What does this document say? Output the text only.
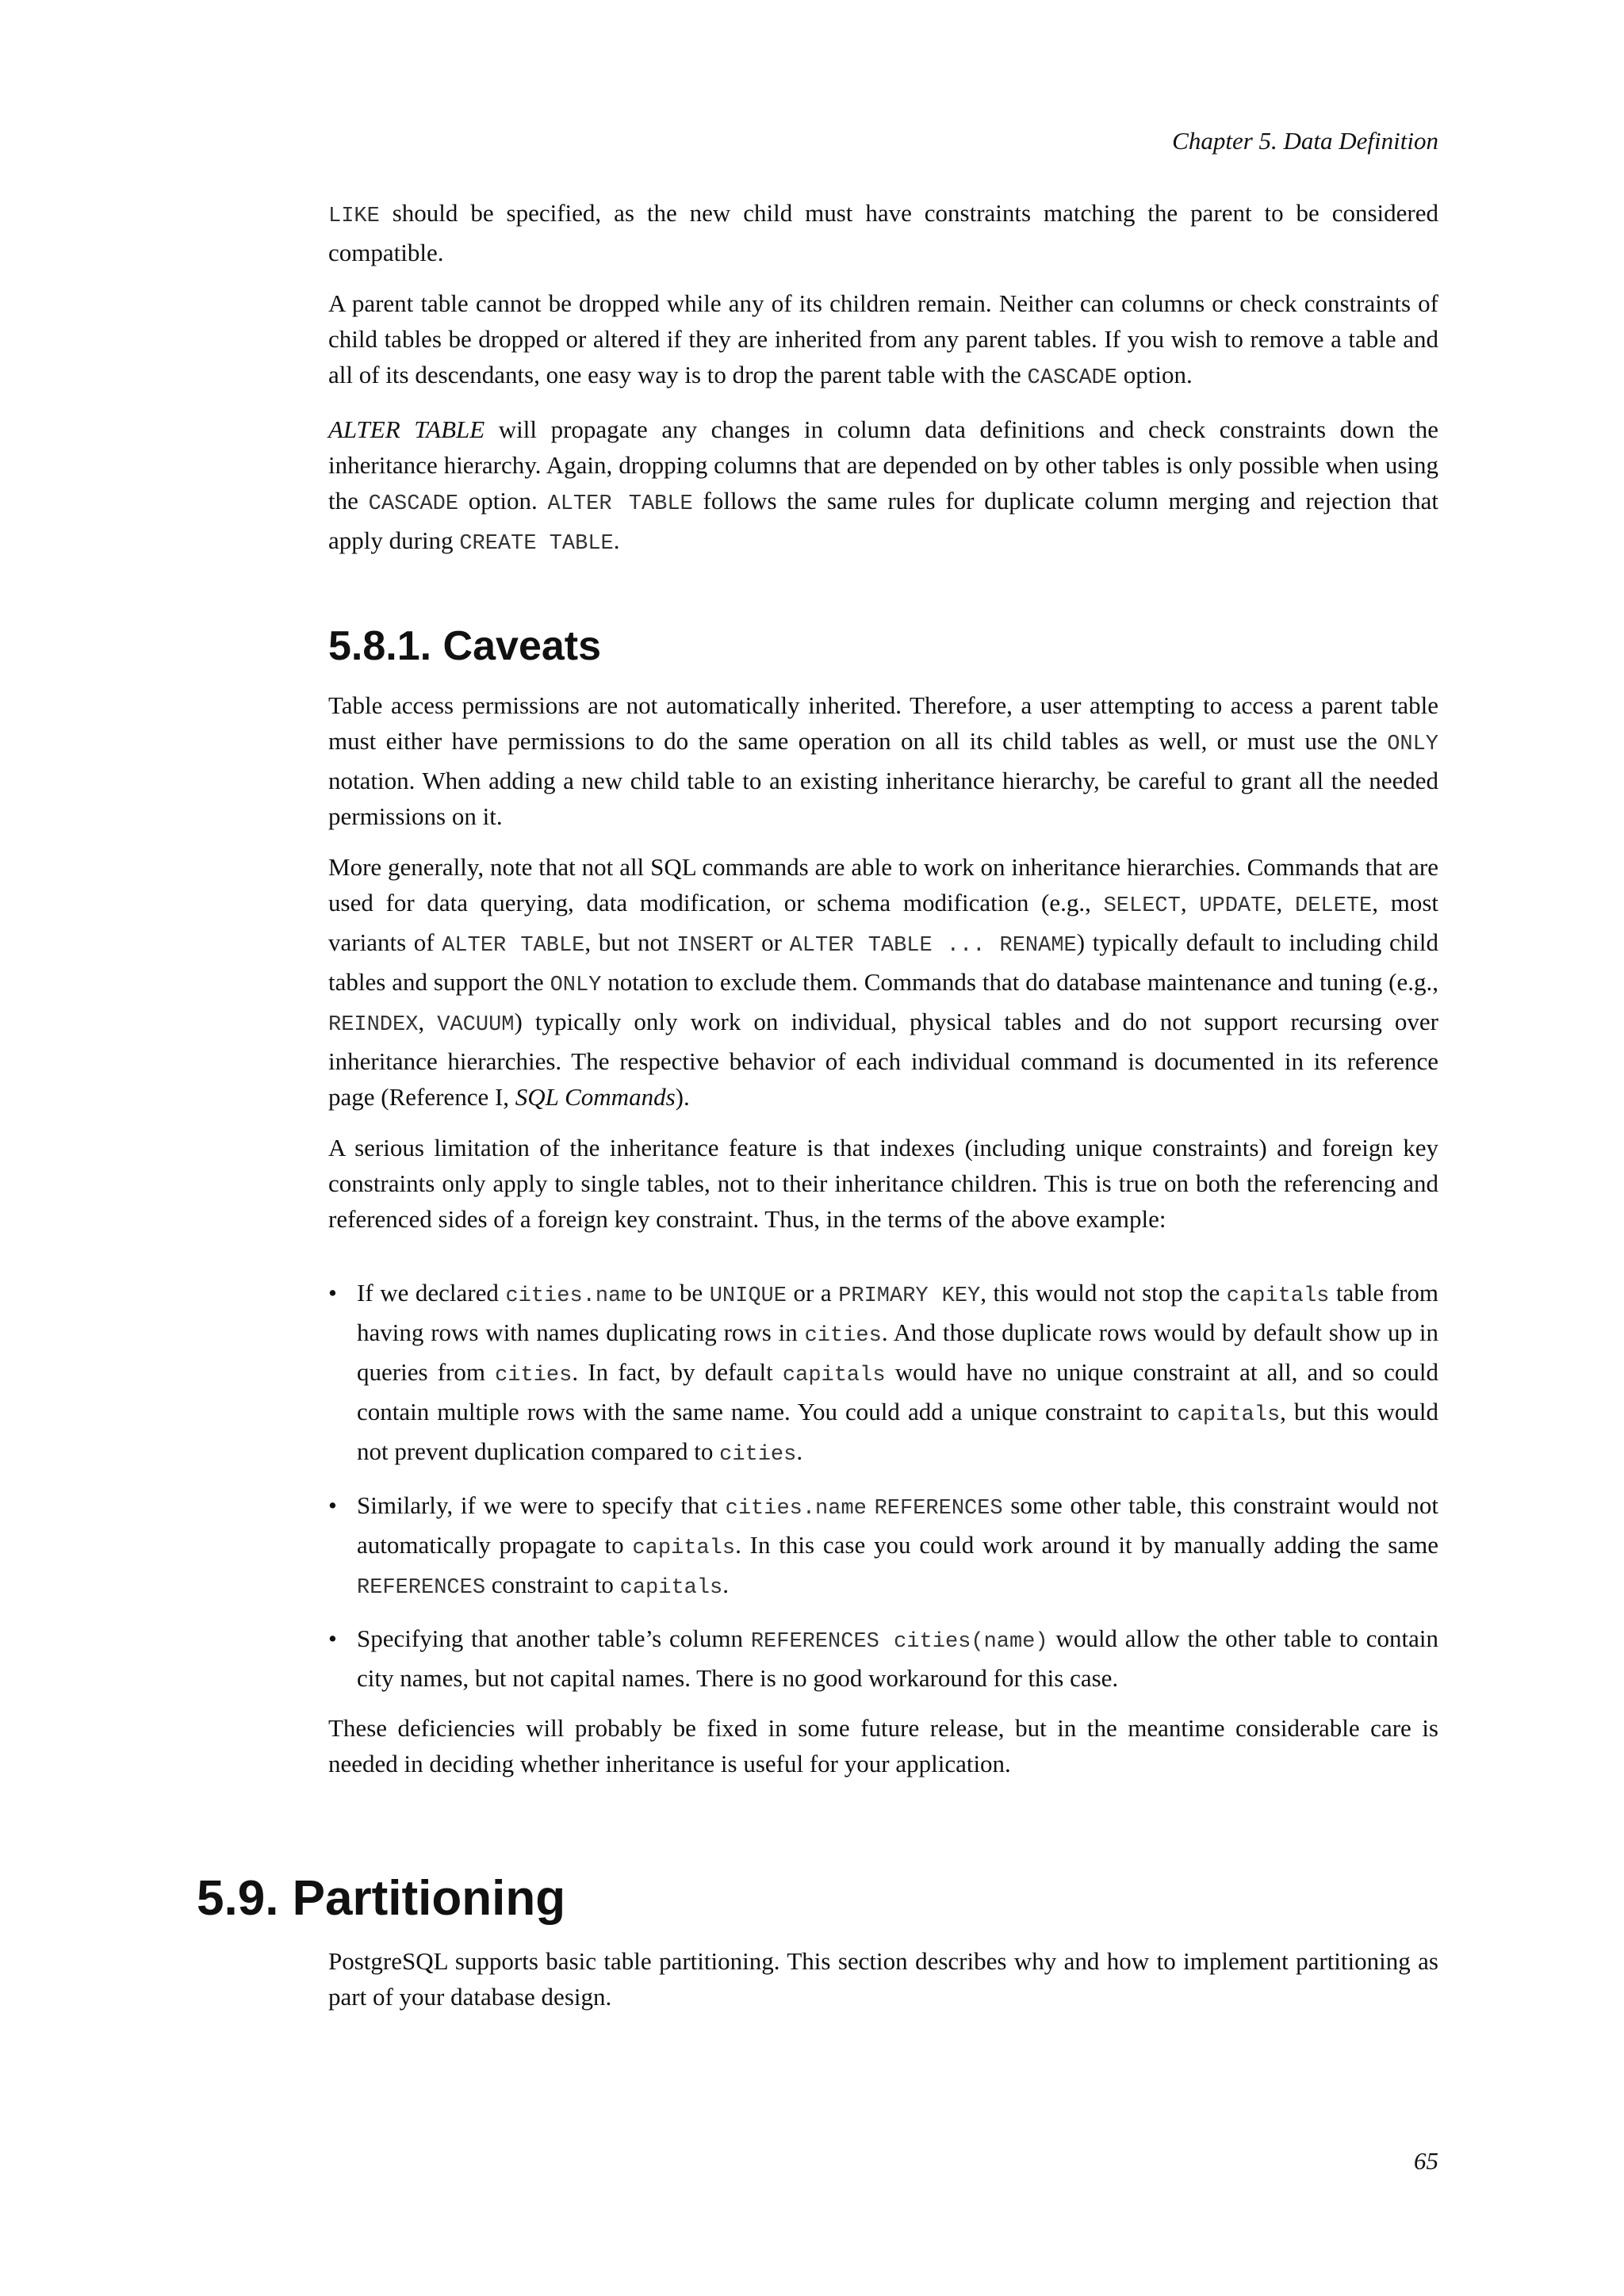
Chapter 5. Data Definition

LIKE should be specified, as the new child must have constraints matching the parent to be considered compatible.

A parent table cannot be dropped while any of its children remain. Neither can columns or check constraints of child tables be dropped or altered if they are inherited from any parent tables. If you wish to remove a table and all of its descendants, one easy way is to drop the parent table with the CASCADE option.

ALTER TABLE will propagate any changes in column data definitions and check constraints down the inheritance hierarchy. Again, dropping columns that are depended on by other tables is only possible when using the CASCADE option. ALTER TABLE follows the same rules for duplicate column merging and rejection that apply during CREATE TABLE.

5.8.1. Caveats

Table access permissions are not automatically inherited. Therefore, a user attempting to access a parent table must either have permissions to do the same operation on all its child tables as well, or must use the ONLY notation. When adding a new child table to an existing inheritance hierarchy, be careful to grant all the needed permissions on it.

More generally, note that not all SQL commands are able to work on inheritance hierarchies. Commands that are used for data querying, data modification, or schema modification (e.g., SELECT, UPDATE, DELETE, most variants of ALTER TABLE, but not INSERT or ALTER TABLE ... RENAME) typically default to including child tables and support the ONLY notation to exclude them. Commands that do database maintenance and tuning (e.g., REINDEX, VACUUM) typically only work on individual, physical tables and do not support recursing over inheritance hierarchies. The respective behavior of each individual command is documented in its reference page (Reference I, SQL Commands).

A serious limitation of the inheritance feature is that indexes (including unique constraints) and foreign key constraints only apply to single tables, not to their inheritance children. This is true on both the referencing and referenced sides of a foreign key constraint. Thus, in the terms of the above example:

• If we declared cities.name to be UNIQUE or a PRIMARY KEY, this would not stop the capitals table from having rows with names duplicating rows in cities. And those duplicate rows would by default show up in queries from cities. In fact, by default capitals would have no unique constraint at all, and so could contain multiple rows with the same name. You could add a unique constraint to capitals, but this would not prevent duplication compared to cities.
• Similarly, if we were to specify that cities.name REFERENCES some other table, this constraint would not automatically propagate to capitals. In this case you could work around it by manually adding the same REFERENCES constraint to capitals.
• Specifying that another table’s column REFERENCES cities(name) would allow the other table to contain city names, but not capital names. There is no good workaround for this case.

These deficiencies will probably be fixed in some future release, but in the meantime considerable care is needed in deciding whether inheritance is useful for your application.

5.9. Partitioning

PostgreSQL supports basic table partitioning. This section describes why and how to implement partitioning as part of your database design.

65
